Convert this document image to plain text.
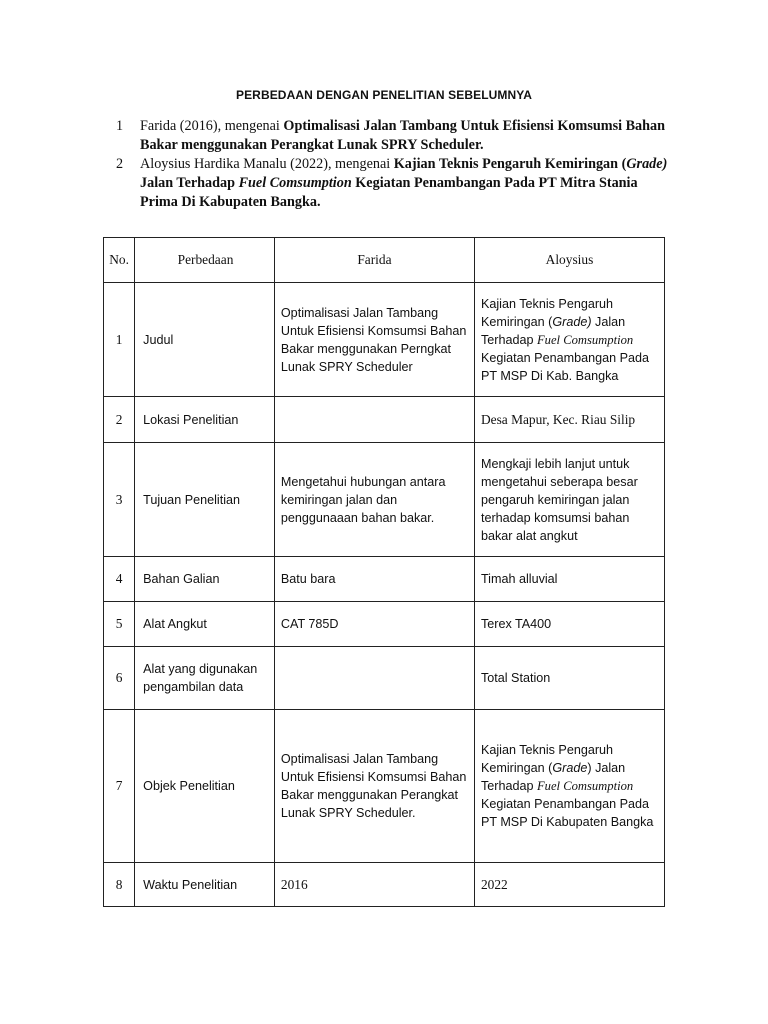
PERBEDAAN DENGAN PENELITIAN SEBELUMNYA
1 Farida (2016), mengenai Optimalisasi Jalan Tambang Untuk Efisiensi Komsumsi Bahan Bakar menggunakan Perangkat Lunak SPRY Scheduler.
2 Aloysius Hardika Manalu (2022), mengenai Kajian Teknis Pengaruh Kemiringan (Grade) Jalan Terhadap Fuel Comsumption Kegiatan Penambangan Pada PT Mitra Stania Prima Di Kabupaten Bangka.
No.	Perbedaan	Farida	Aloysius
1	Judul	Optimalisasi Jalan Tambang Untuk Efisiensi Komsumsi Bahan Bakar menggunakan Perngkat Lunak SPRY Scheduler	Kajian Teknis Pengaruh Kemiringan (Grade) Jalan Terhadap Fuel Comsumption Kegiatan Penambangan Pada PT MSP Di Kab. Bangka
2	Lokasi Penelitian		Desa Mapur, Kec. Riau Silip
3	Tujuan Penelitian	Mengetahui hubungan antara kemiringan jalan dan penggunaaan bahan bakar.	Mengkaji lebih lanjut untuk mengetahui seberapa besar pengaruh kemiringan jalan terhadap komsumsi bahan bakar alat angkut
4	Bahan Galian	Batu bara	Timah alluvial
5	Alat Angkut	CAT 785D	Terex TA400
6	Alat yang digunakan pengambilan data		Total Station
7	Objek Penelitian	Optimalisasi Jalan Tambang Untuk Efisiensi Komsumsi Bahan Bakar menggunakan Perangkat Lunak SPRY Scheduler.	Kajian Teknis Pengaruh Kemiringan (Grade) Jalan Terhadap Fuel Comsumption Kegiatan Penambangan Pada PT MSP Di Kabupaten Bangka
8	Waktu Penelitian	2016	2022
